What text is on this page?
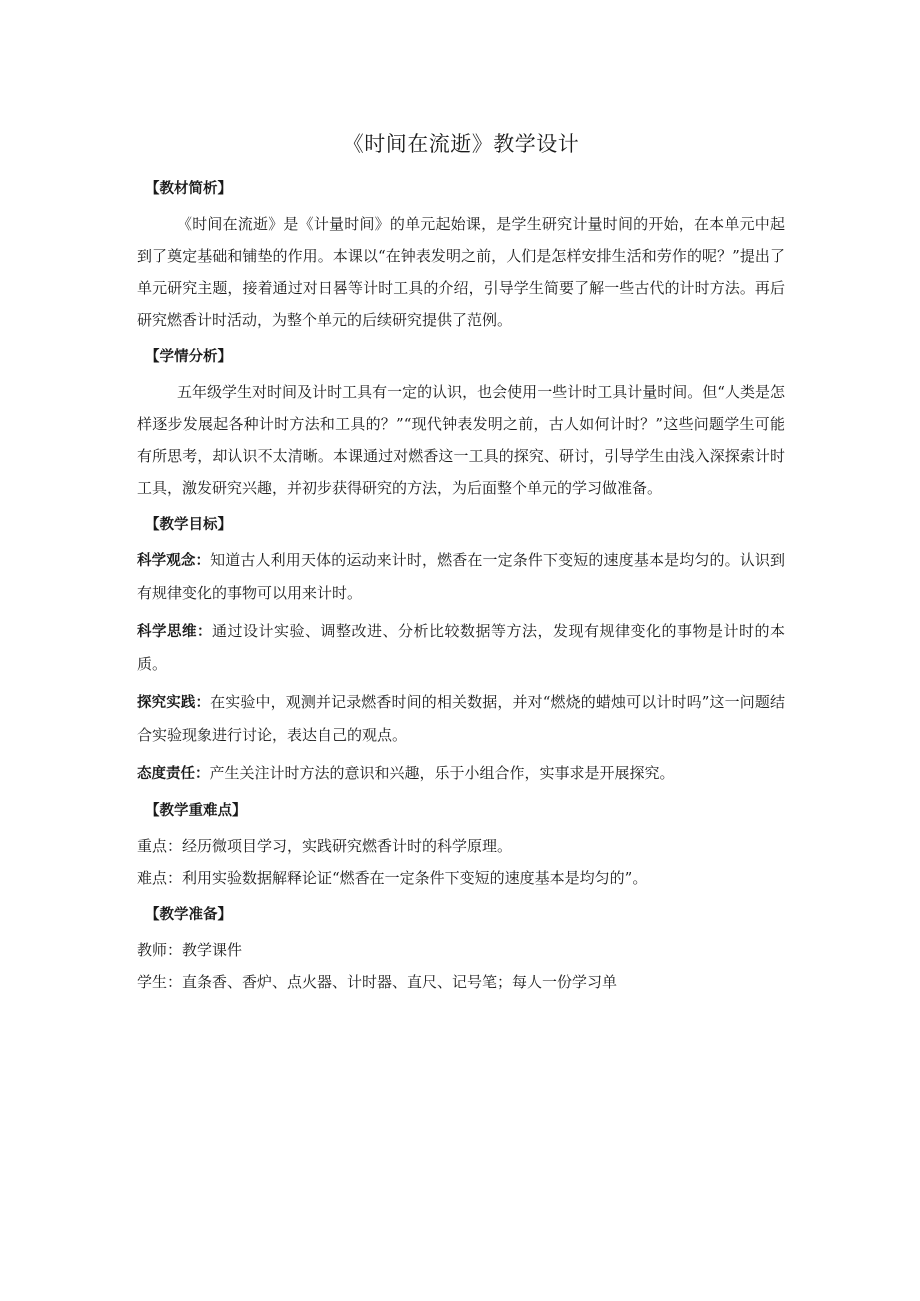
《时间在流逝》教学设计
【教材简析】

《时间在流逝》是《计量时间》的单元起始课，是学生研究计量时间的开始，在本单元中起到了奠定基础和铺垫的作用。本课以“在钟表发明之前，人们是怎样安排生活和劳作的呢？”提出了单元研究主题，接着通过对日晷等计时工具的介绍，引导学生简要了解一些古代的计时方法。再后研究燃香计时活动，为整个单元的后续研究提供了范例。

【学情分析】

五年级学生对时间及计时工具有一定的认识，也会使用一些计时工具计量时间。但“人类是怎样逐步发展起各种计时方法和工具的？”“现代钟表发明之前，古人如何计时？”这些问题学生可能有所思考，却认识不太清晰。本课通过对燃香这一工具的探究、研讨，引导学生由浅入深探索计时工具，激发研究兴趣，并初步获得研究的方法，为后面整个单元的学习做准备。

【教学目标】

科学观念：知道古人利用天体的运动来计时，燃香在一定条件下变短的速度基本是均匀的。认识到有规律变化的事物可以用来计时。

科学思维：通过设计实验、调整改进、分析比较数据等方法，发现有规律变化的事物是计时的本质。

探究实践：在实验中，观测并记录燃香时间的相关数据，并对“燃烧的蜡烛可以计时吗”这一问题结合实验现象进行讨论，表达自己的观点。

态度责任：产生关注计时方法的意识和兴趣，乐于小组合作，实事求是开展探究。

【教学重难点】

重点：经历微项目学习，实践研究燃香计时的科学原理。

难点：利用实验数据解释论证“燃香在一定条件下变短的速度基本是均匀的”。

【教学准备】

教师：教学课件

学生：直条香、香炉、点火器、计时器、直尺、记号笔；每人一份学习单
